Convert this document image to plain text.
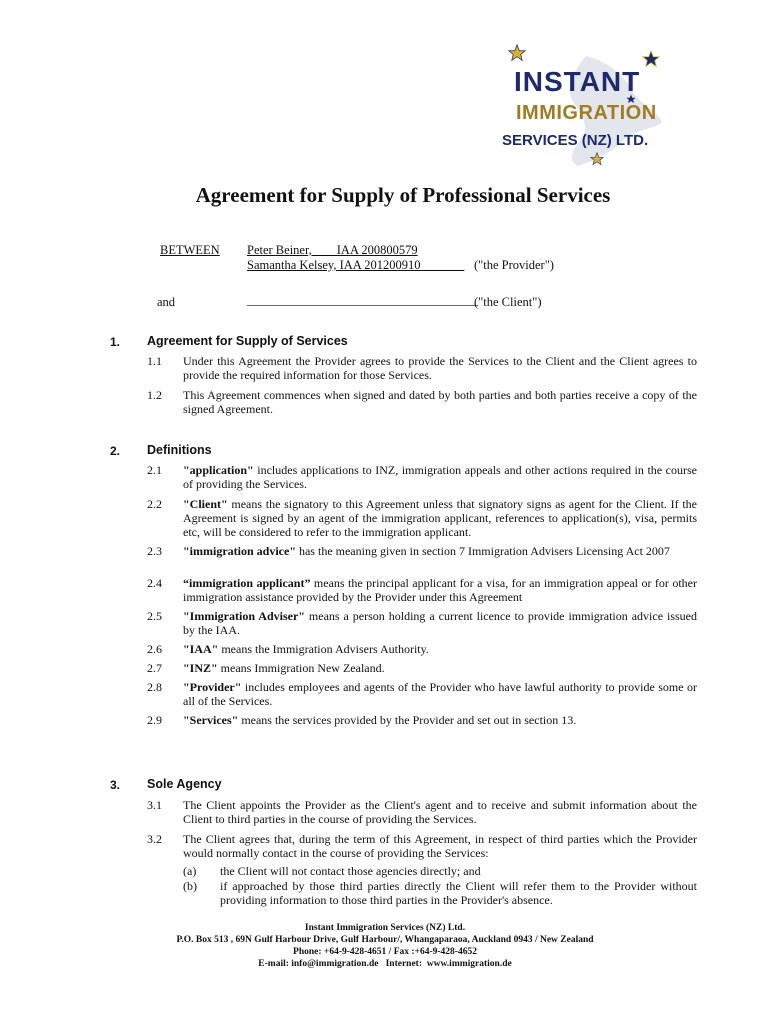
INSTANT
IMMIGRATION
SERVICES (NZ) LTD.
Agreement for Supply of Professional Services
BETWEEN Peter Beiner,        IAA 200800579
Samantha Kelsey, IAA 201200910_______ ("the Provider")
and	_____________________________________
("the Client")
1. Agreement for Supply of Services
1.1 Under this Agreement the Provider agrees to provide the Services to the Client and the Client agrees to provide the required information for those Services.
1.2 This Agreement commences when signed and dated by both parties and both parties receive a copy of the signed Agreement.
2. Definitions
2.1 "application" includes applications to INZ, immigration appeals and other actions required in the course of providing the Services.
2.2 "Client" means the signatory to this Agreement unless that signatory signs as agent for the Client. If the Agreement is signed by an agent of the immigration applicant, references to application(s), visa, permits etc, will be considered to refer to the immigration applicant.
2.3 "immigration advice" has the meaning given in section 7 Immigration Advisers Licensing Act 2007
2.4 “immigration applicant” means the principal applicant for a visa, for an immigration appeal or for other immigration assistance provided by the Provider under this Agreement
2.5 "Immigration Adviser" means a person holding a current licence to provide immigration advice issued by the IAA.
2.6 "IAA" means the Immigration Advisers Authority.
2.7 "INZ" means Immigration New Zealand.
2.8 "Provider" includes employees and agents of the Provider who have lawful authority to provide some or all of the Services.
2.9 "Services" means the services provided by the Provider and set out in section 13.
3. Sole Agency
3.1 The Client appoints the Provider as the Client's agent and to receive and submit information about the Client to third parties in the course of providing the Services.
3.2 The Client agrees that, during the term of this Agreement, in respect of third parties which the Provider would normally contact in the course of providing the Services:
(a) the Client will not contact those agencies directly; and
(b) if approached by those third parties directly the Client will refer them to the Provider without providing information to those third parties in the Provider's absence.
Instant Immigration Services (NZ) Ltd.
P.O. Box 513 , 69N Gulf Harbour Drive, Gulf Harbour/, Whangaparaoa, Auckland 0943 / New Zealand
Phone: +64-9-428-4651 / Fax :+64-9-428-4652
E-mail: info@immigration.de   Internet:  www.immigration.de
